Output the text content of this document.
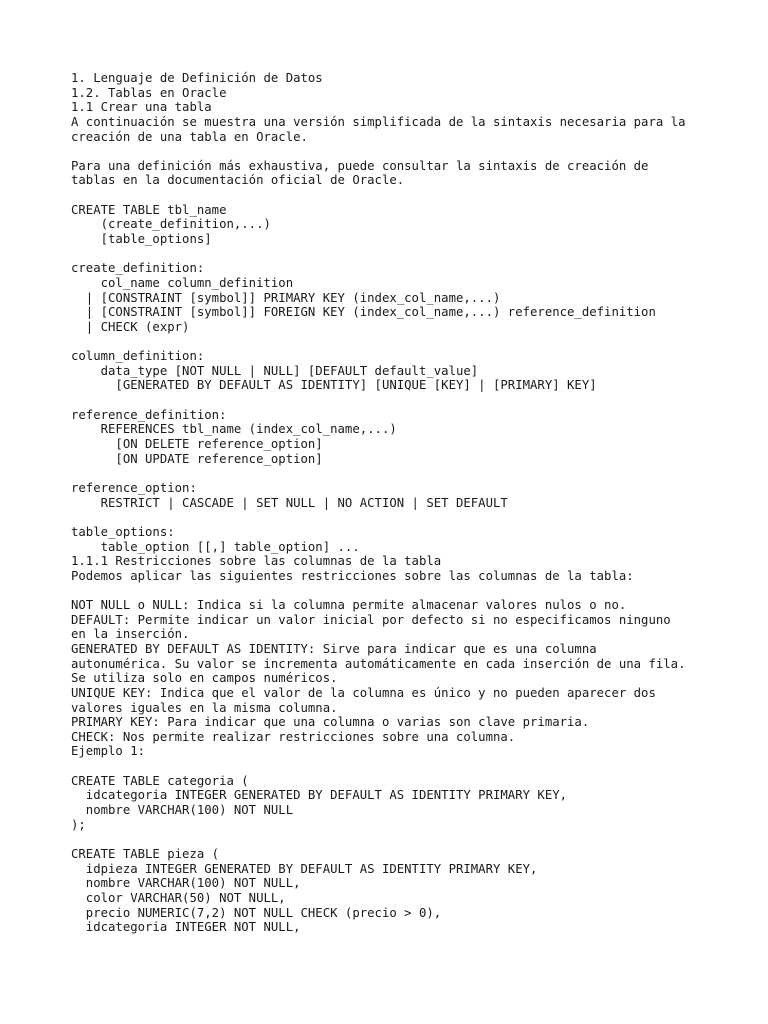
1. Lenguaje de Definición de Datos
1.2. Tablas en Oracle
1.1 Crear una tabla
A continuación se muestra una versión simplificada de la sintaxis necesaria para la
creación de una tabla en Oracle.
Para una definición más exhaustiva, puede consultar la sintaxis de creación de
tablas en la documentación oficial de Oracle.
CREATE TABLE tbl_name
(create_definition,...)
[table_options]
create_definition:
col_name column_definition
| [CONSTRAINT [symbol]] PRIMARY KEY (index_col_name,...)
| [CONSTRAINT [symbol]] FOREIGN KEY (index_col_name,...) reference_definition
| CHECK (expr)
column_definition:
data_type [NOT NULL | NULL] [DEFAULT default_value]
[GENERATED BY DEFAULT AS IDENTITY] [UNIQUE [KEY] | [PRIMARY] KEY]
reference_definition:
REFERENCES tbl_name (index_col_name,...)
[ON DELETE reference_option]
[ON UPDATE reference_option]
reference_option:
RESTRICT | CASCADE | SET NULL | NO ACTION | SET DEFAULT
table_options:
table_option [[,] table_option] ...
1.1.1 Restricciones sobre las columnas de la tabla
Podemos aplicar las siguientes restricciones sobre las columnas de la tabla:
NOT NULL o NULL: Indica si la columna permite almacenar valores nulos o no.
DEFAULT: Permite indicar un valor inicial por defecto si no especificamos ninguno
en la inserción.
GENERATED BY DEFAULT AS IDENTITY: Sirve para indicar que es una columna
autonumérica. Su valor se incrementa automáticamente en cada inserción de una fila.
Se utiliza solo en campos numéricos.
UNIQUE KEY: Indica que el valor de la columna es único y no pueden aparecer dos
valores iguales en la misma columna.
PRIMARY KEY: Para indicar que una columna o varias son clave primaria.
CHECK: Nos permite realizar restricciones sobre una columna.
Ejemplo 1:
CREATE TABLE categoria (
idcategoria INTEGER GENERATED BY DEFAULT AS IDENTITY PRIMARY KEY,
nombre VARCHAR(100) NOT NULL
);
CREATE TABLE pieza (
idpieza INTEGER GENERATED BY DEFAULT AS IDENTITY PRIMARY KEY,
nombre VARCHAR(100) NOT NULL,
color VARCHAR(50) NOT NULL,
precio NUMERIC(7,2) NOT NULL CHECK (precio > 0),
idcategoria INTEGER NOT NULL,
